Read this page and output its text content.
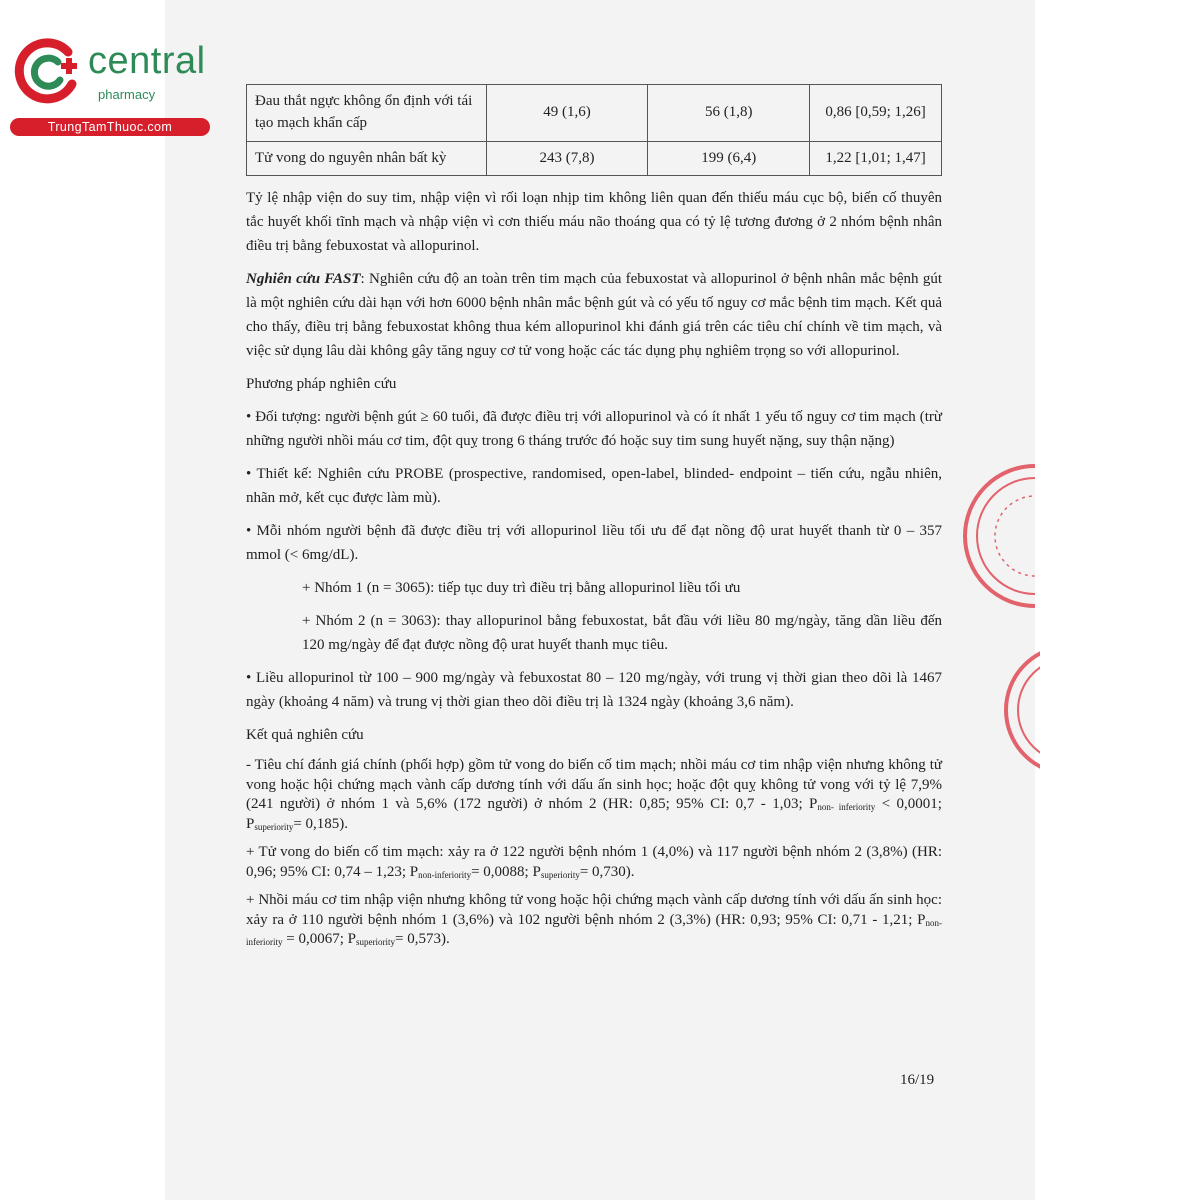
central
pharmacy
TrungTamThuoc.com
Đau thắt ngực không ổn định với tái tạo mạch khẩn cấp	49 (1,6)	56 (1,8)	0,86 [0,59; 1,26]
Tử vong do nguyên nhân bất kỳ	243 (7,8)	199 (6,4)	1,22 [1,01; 1,47]

Tỷ lệ nhập viện do suy tim, nhập viện vì rối loạn nhịp tim không liên quan đến thiếu máu cục bộ, biến cố thuyên tắc huyết khối tĩnh mạch và nhập viện vì cơn thiếu máu não thoáng qua có tỷ lệ tương đương ở 2 nhóm bệnh nhân điều trị bằng febuxostat và allopurinol.

Nghiên cứu FAST: Nghiên cứu độ an toàn trên tim mạch của febuxostat và allopurinol ở bệnh nhân mắc bệnh gút là một nghiên cứu dài hạn với hơn 6000 bệnh nhân mắc bệnh gút và có yếu tố nguy cơ mắc bệnh tim mạch. Kết quả cho thấy, điều trị bằng febuxostat không thua kém allopurinol khi đánh giá trên các tiêu chí chính về tim mạch, và việc sử dụng lâu dài không gây tăng nguy cơ tử vong hoặc các tác dụng phụ nghiêm trọng so với allopurinol.

Phương pháp nghiên cứu

• Đối tượng: người bệnh gút ≥ 60 tuổi, đã được điều trị với allopurinol và có ít nhất 1 yếu tố nguy cơ tim mạch (trừ những người nhồi máu cơ tim, đột quỵ trong 6 tháng trước đó hoặc suy tim sung huyết nặng, suy thận nặng)

• Thiết kế: Nghiên cứu PROBE (prospective, randomised, open-label, blinded- endpoint – tiến cứu, ngẫu nhiên, nhãn mở, kết cục được làm mù).

• Mỗi nhóm người bệnh đã được điều trị với allopurinol liều tối ưu để đạt nồng độ urat huyết thanh từ 0 – 357 mmol (< 6mg/dL).

+ Nhóm 1 (n = 3065): tiếp tục duy trì điều trị bằng allopurinol liều tối ưu

+ Nhóm 2 (n = 3063): thay allopurinol bằng febuxostat, bắt đầu với liều 80 mg/ngày, tăng dần liều đến 120 mg/ngày để đạt được nồng độ urat huyết thanh mục tiêu.

• Liều allopurinol từ 100 – 900 mg/ngày và febuxostat 80 – 120 mg/ngày, với trung vị thời gian theo dõi là 1467 ngày (khoảng 4 năm) và trung vị thời gian theo dõi điều trị là 1324 ngày (khoảng 3,6 năm).

Kết quả nghiên cứu

- Tiêu chí đánh giá chính (phối hợp) gồm tử vong do biến cố tim mạch; nhồi máu cơ tim nhập viện nhưng không tử vong hoặc hội chứng mạch vành cấp dương tính với dấu ấn sinh học; hoặc đột quỵ không tử vong với tỷ lệ 7,9% (241 người) ở nhóm 1 và 5,6% (172 người) ở nhóm 2 (HR: 0,85; 95% CI: 0,7 - 1,03; $P_{non- inferiority} < 0,0001$; $P_{superiority}= 0,185$).

+ Tử vong do biến cố tim mạch: xảy ra ở 122 người bệnh nhóm 1 (4,0%) và 117 người bệnh nhóm 2 (3,8%) (HR: 0,96; 95% CI: 0,74 – 1,23; $P_{non-inferiority}= 0,0088$; $P_{superiority}= 0,730$).

+ Nhồi máu cơ tim nhập viện nhưng không tử vong hoặc hội chứng mạch vành cấp dương tính với dấu ấn sinh học: xảy ra ở 110 người bệnh nhóm 1 (3,6%) và 102 người bệnh nhóm 2 (3,3%) (HR: 0,93; 95% CI: 0,71 - 1,21; $P_{non-inferiority} = 0,0067$; $P_{superiority}= 0,573$).

16/19
